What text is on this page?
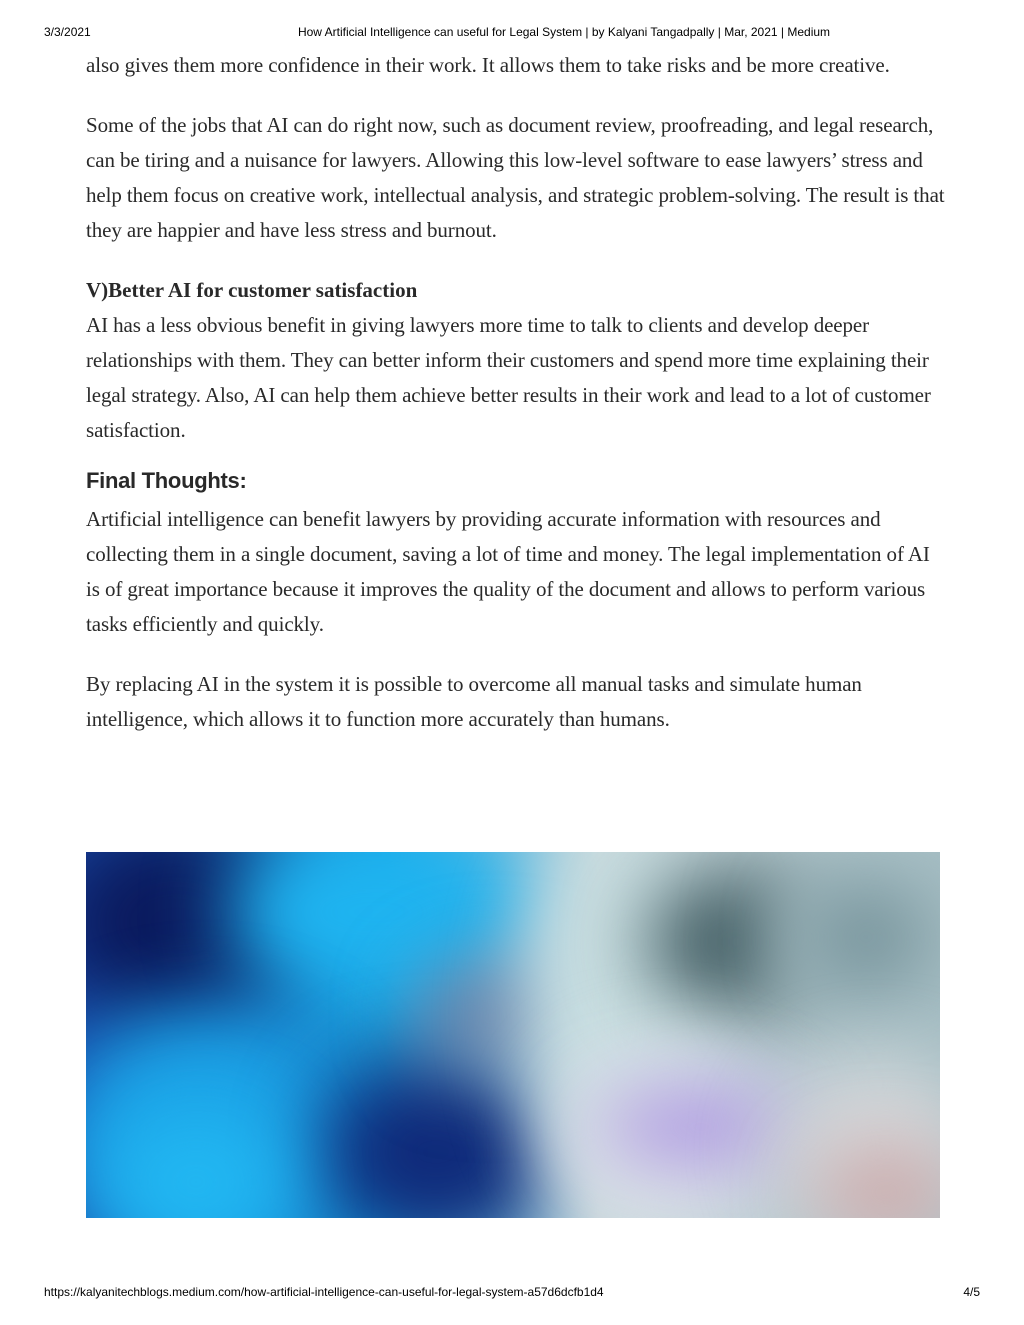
3/3/2021	How Artificial Intelligence can useful for Legal System | by Kalyani Tangadpally | Mar, 2021 | Medium

also gives them more confidence in their work. It allows them to take risks and be more creative.

Some of the jobs that AI can do right now, such as document review, proofreading, and legal research, can be tiring and a nuisance for lawyers. Allowing this low-level software to ease lawyers’ stress and help them focus on creative work, intellectual analysis, and strategic problem-solving. The result is that they are happier and have less stress and burnout.

V)Better AI for customer satisfaction

AI has a less obvious benefit in giving lawyers more time to talk to clients and develop deeper relationships with them. They can better inform their customers and spend more time explaining their legal strategy. Also, AI can help them achieve better results in their work and lead to a lot of customer satisfaction.

Final Thoughts:

Artificial intelligence can benefit lawyers by providing accurate information with resources and collecting them in a single document, saving a lot of time and money. The legal implementation of AI is of great importance because it improves the quality of the document and allows to perform various tasks efficiently and quickly.

By replacing AI in the system it is possible to overcome all manual tasks and simulate human intelligence, which allows it to function more accurately than humans.

https://kalyanitechblogs.medium.com/how-artificial-intelligence-can-useful-for-legal-system-a57d6dcfb1d4	4/5
